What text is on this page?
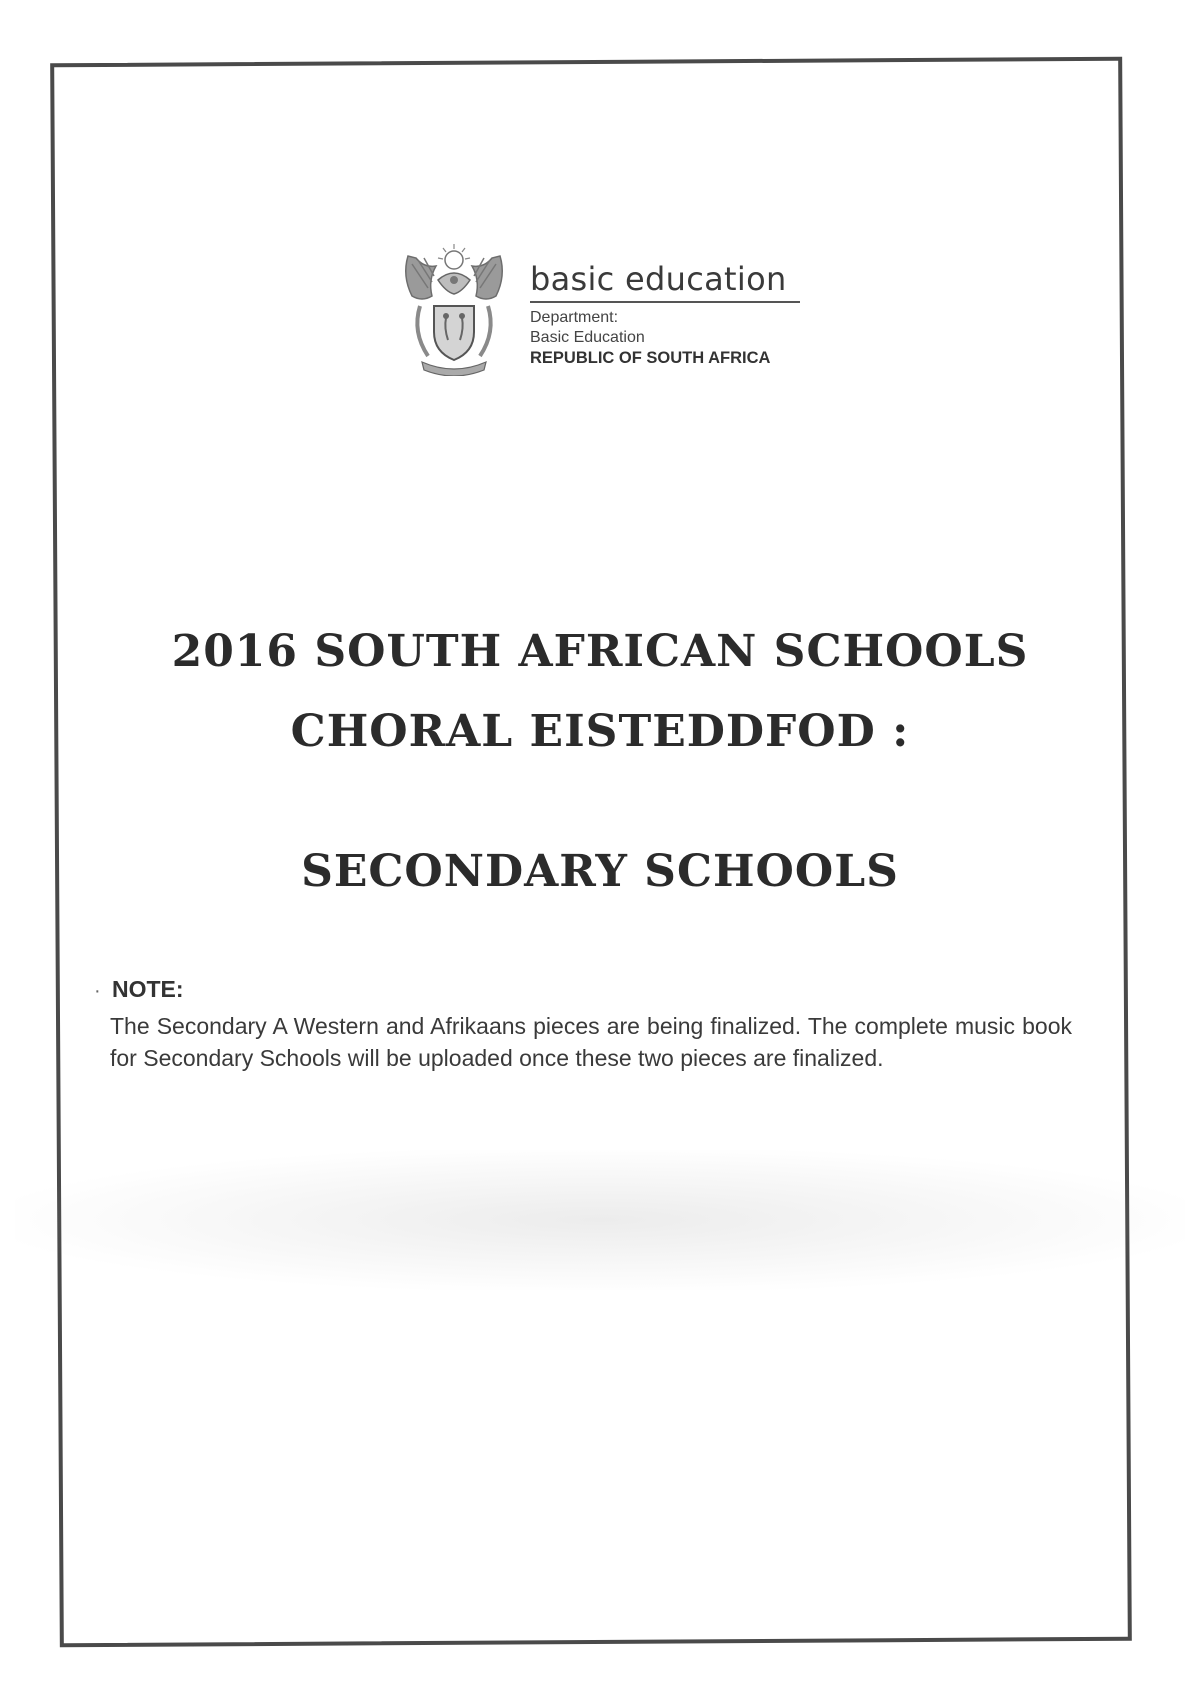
basic education
Department:
Basic Education
REPUBLIC OF SOUTH AFRICA
2016 SOUTH AFRICAN SCHOOLS
CHORAL EISTEDDFOD :
SECONDARY SCHOOLS
· NOTE:
The Secondary A Western and Afrikaans pieces are being finalized. The complete music book for Secondary Schools will be uploaded once these two pieces are finalized.
